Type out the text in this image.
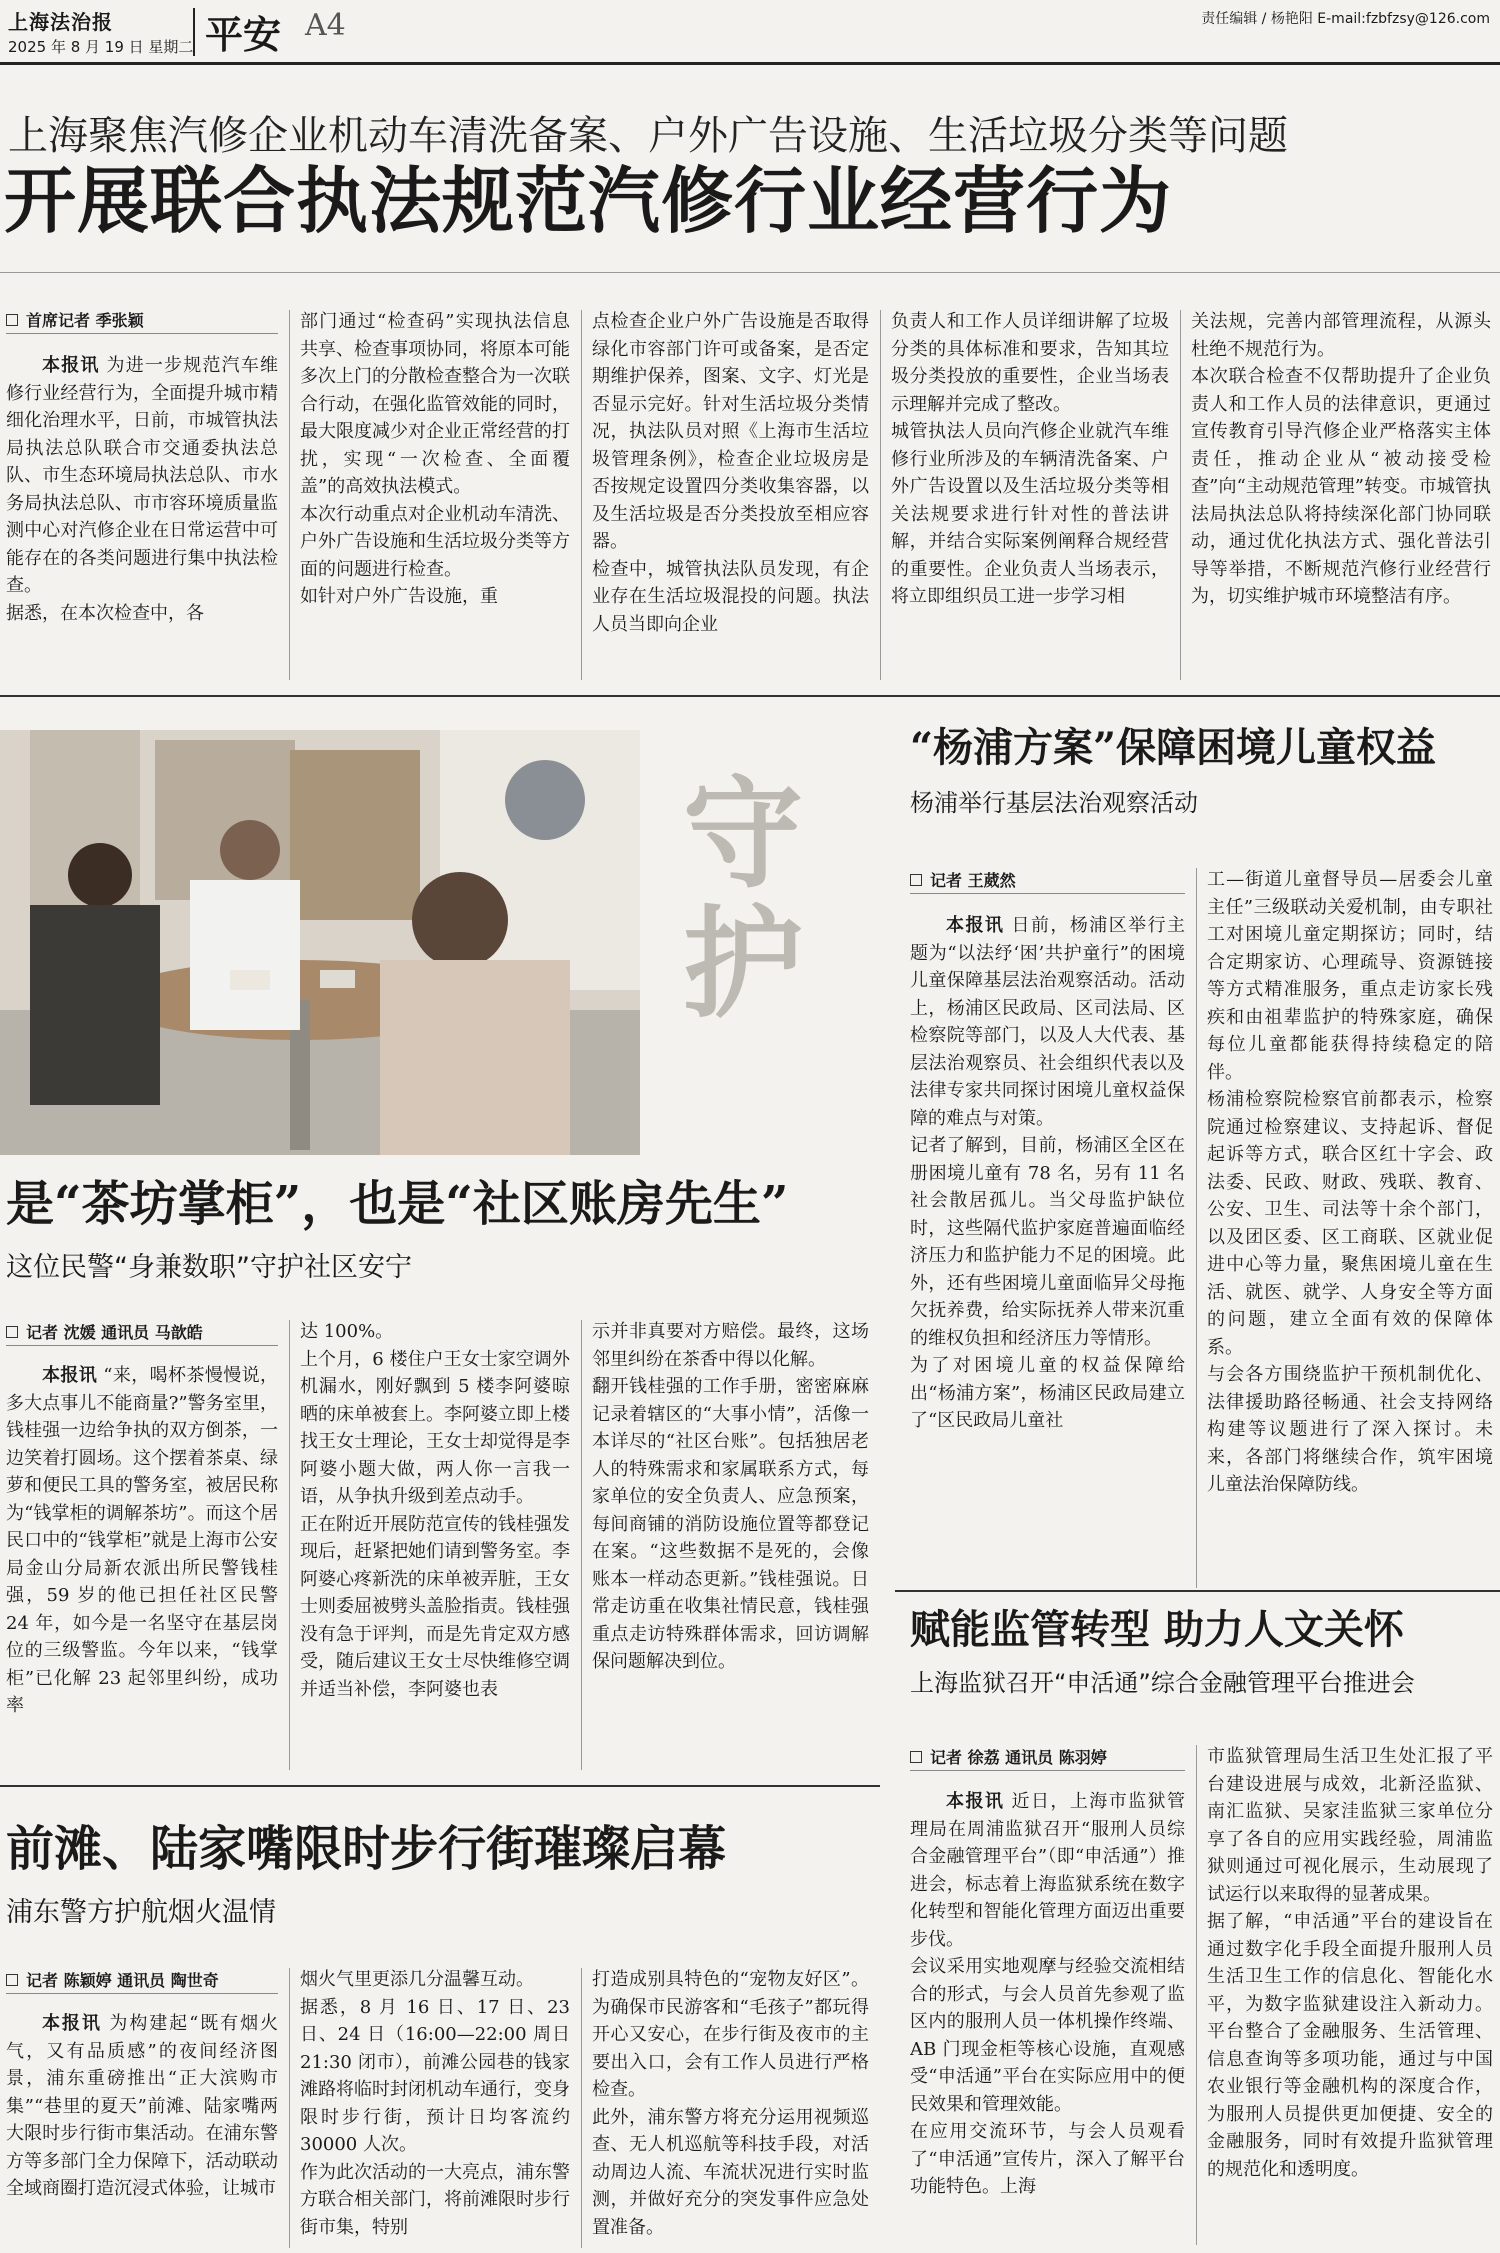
上海法治报
2025 年 8 月 19 日 星期二 平安 A4	责任编辑 / 杨艳阳 E-mail:fzbfzsy@126.com
上海聚焦汽修企业机动车清洗备案、户外广告设施、生活垃圾分类等问题
开展联合执法规范汽修行业经营行为
首席记者 季张颖

本报讯 为进一步规范汽车维修行业经营行为，全面提升城市精细化治理水平，日前，市城管执法局执法总队联合市交通委执法总队、市生态环境局执法总队、市水务局执法总队、市市容环境质量监测中心对汽修企业在日常运营中可能存在的各类问题进行集中执法检查。
据悉，在本次检查中，各

部门通过“检查码”实现执法信息共享、检查事项协同，将原本可能多次上门的分散检查整合为一次联合行动，在强化监管效能的同时，最大限度减少对企业正常经营的打扰，实现“一次检查、全面覆盖”的高效执法模式。
本次行动重点对企业机动车清洗、户外广告设施和生活垃圾分类等方面的问题进行检查。
如针对户外广告设施，重
点检查企业户外广告设施是否取得绿化市容部门许可或备案，是否定期维护保养，图案、文字、灯光是否显示完好。针对生活垃圾分类情况，执法队员对照《上海市生活垃圾管理条例》，检查企业垃圾房是否按规定设置四分类收集容器，以及生活垃圾是否分类投放至相应容器。
检查中，城管执法队员发现，有企业存在生活垃圾混投的问题。执法人员当即向企业
负责人和工作人员详细讲解了垃圾分类的具体标准和要求，告知其垃圾分类投放的重要性，企业当场表示理解并完成了整改。
城管执法人员向汽修企业就汽车维修行业所涉及的车辆清洗备案、户外广告设置以及生活垃圾分类等相关法规要求进行针对性的普法讲解，并结合实际案例阐释合规经营的重要性。企业负责人当场表示，将立即组织员工进一步学习相
关法规，完善内部管理流程，从源头杜绝不规范行为。
本次联合检查不仅帮助提升了企业负责人和工作人员的法律意识，更通过宣传教育引导汽修企业严格落实主体责任，推动企业从“被动接受检查”向“主动规范管理”转变。市城管执法局执法总队将持续深化部门协同联动，通过优化执法方式、强化普法引导等举措，不断规范汽修行业经营行为，切实维护城市环境整洁有序。
守护
是“茶坊掌柜”，也是“社区账房先生”
这位民警“身兼数职”守护社区安宁
记者 沈媛 通讯员 马歆皓

本报讯 “来，喝杯茶慢慢说，多大点事儿不能商量?”警务室里，钱桂强一边给争执的双方倒茶，一边笑着打圆场。这个摆着茶桌、绿萝和便民工具的警务室，被居民称为“钱掌柜的调解茶坊”。而这个居民口中的“钱掌柜”就是上海市公安局金山分局新农派出所民警钱桂强，59 岁的他已担任社区民警 24 年，如今是一名坚守在基层岗位的三级警监。今年以来，“钱掌柜”已化解 23 起邻里纠纷，成功率

达 100%。
上个月，6 楼住户王女士家空调外机漏水，刚好飘到 5 楼李阿婆晾晒的床单被套上。李阿婆立即上楼找王女士理论，王女士却觉得是李阿婆小题大做，两人你一言我一语，从争执升级到差点动手。
正在附近开展防范宣传的钱桂强发现后，赶紧把她们请到警务室。李阿婆心疼新洗的床单被弄脏，王女士则委屈被劈头盖脸指责。钱桂强没有急于评判，而是先肯定双方感受，随后建议王女士尽快维修空调并适当补偿，李阿婆也表
示并非真要对方赔偿。最终，这场邻里纠纷在茶香中得以化解。
翻开钱桂强的工作手册，密密麻麻记录着辖区的“大事小情”，活像一本详尽的“社区台账”。包括独居老人的特殊需求和家属联系方式，每家单位的安全负责人、应急预案，每间商铺的消防设施位置等都登记在案。“这些数据不是死的，会像账本一样动态更新。”钱桂强说。日常走访重在收集社情民意，钱桂强重点走访特殊群体需求，回访调解保问题解决到位。
前滩、陆家嘴限时步行街璀璨启幕
浦东警方护航烟火温情
记者 陈颖婷 通讯员 陶世奇

本报讯 为构建起“既有烟火气，又有品质感”的夜间经济图景，浦东重磅推出“正大滨购市集”“巷里的夏天”前滩、陆家嘴两大限时步行街市集活动。在浦东警方等多部门全力保障下，活动联动全域商圈打造沉浸式体验，让城市

烟火气里更添几分温馨互动。
据悉，8 月 16 日、17 日、23 日、24 日（16:00—22:00 周日 21:30 闭市），前滩公园巷的钱家滩路将临时封闭机动车通行，变身限时步行街，预计日均客流约 30000 人次。
作为此次活动的一大亮点，浦东警方联合相关部门，将前滩限时步行街市集，特别
打造成别具特色的“宠物友好区”。为确保市民游客和“毛孩子”都玩得开心又安心，在步行街及夜市的主要出入口，会有工作人员进行严格检查。
此外，浦东警方将充分运用视频巡查、无人机巡航等科技手段，对活动周边人流、车流状况进行实时监测，并做好充分的突发事件应急处置准备。
“杨浦方案”保障困境儿童权益
杨浦举行基层法治观察活动
记者 王葳然

本报讯 日前，杨浦区举行主题为“以法纾‘困’共护童行”的困境儿童保障基层法治观察活动。活动上，杨浦区民政局、区司法局、区检察院等部门，以及人大代表、基层法治观察员、社会组织代表以及法律专家共同探讨困境儿童权益保障的难点与对策。
记者了解到，目前，杨浦区全区在册困境儿童有 78 名，另有 11 名社会散居孤儿。当父母监护缺位时，这些隔代监护家庭普遍面临经济压力和监护能力不足的困境。此外，还有些困境儿童面临异父母拖欠抚养费，给实际抚养人带来沉重的维权负担和经济压力等情形。
为了对困境儿童的权益保障给出“杨浦方案”，杨浦区民政局建立了“区民政局儿童社

工—街道儿童督导员—居委会儿童主任”三级联动关爱机制，由专职社工对困境儿童定期探访；同时，结合定期家访、心理疏导、资源链接等方式精准服务，重点走访家长残疾和由祖辈监护的特殊家庭，确保每位儿童都能获得持续稳定的陪伴。
杨浦检察院检察官前都表示，检察院通过检察建议、支持起诉、督促起诉等方式，联合区红十字会、政法委、民政、财政、残联、教育、公安、卫生、司法等十余个部门，以及团区委、区工商联、区就业促进中心等力量，聚焦困境儿童在生活、就医、就学、人身安全等方面的问题，建立全面有效的保障体系。
与会各方围绕监护干预机制优化、法律援助路径畅通、社会支持网络构建等议题进行了深入探讨。未来，各部门将继续合作，筑牢困境儿童法治保障防线。
赋能监管转型 助力人文关怀
上海监狱召开“申活通”综合金融管理平台推进会
记者 徐荔 通讯员 陈羽婷

本报讯 近日，上海市监狱管理局在周浦监狱召开“服刑人员综合金融管理平台”（即“申活通”）推进会，标志着上海监狱系统在数字化转型和智能化管理方面迈出重要步伐。
会议采用实地观摩与经验交流相结合的形式，与会人员首先参观了监区内的服刑人员一体机操作终端、AB 门现金柜等核心设施，直观感受“申活通”平台在实际应用中的便民效果和管理效能。
在应用交流环节，与会人员观看了“申活通”宣传片，深入了解平台功能特色。上海

市监狱管理局生活卫生处汇报了平台建设进展与成效，北新泾监狱、南汇监狱、吴家洼监狱三家单位分享了各自的应用实践经验，周浦监狱则通过可视化展示，生动展现了试运行以来取得的显著成果。
据了解，“申活通”平台的建设旨在通过数字化手段全面提升服刑人员生活卫生工作的信息化、智能化水平，为数字监狱建设注入新动力。平台整合了金融服务、生活管理、信息查询等多项功能，通过与中国农业银行等金融机构的深度合作，为服刑人员提供更加便捷、安全的金融服务，同时有效提升监狱管理的规范化和透明度。
